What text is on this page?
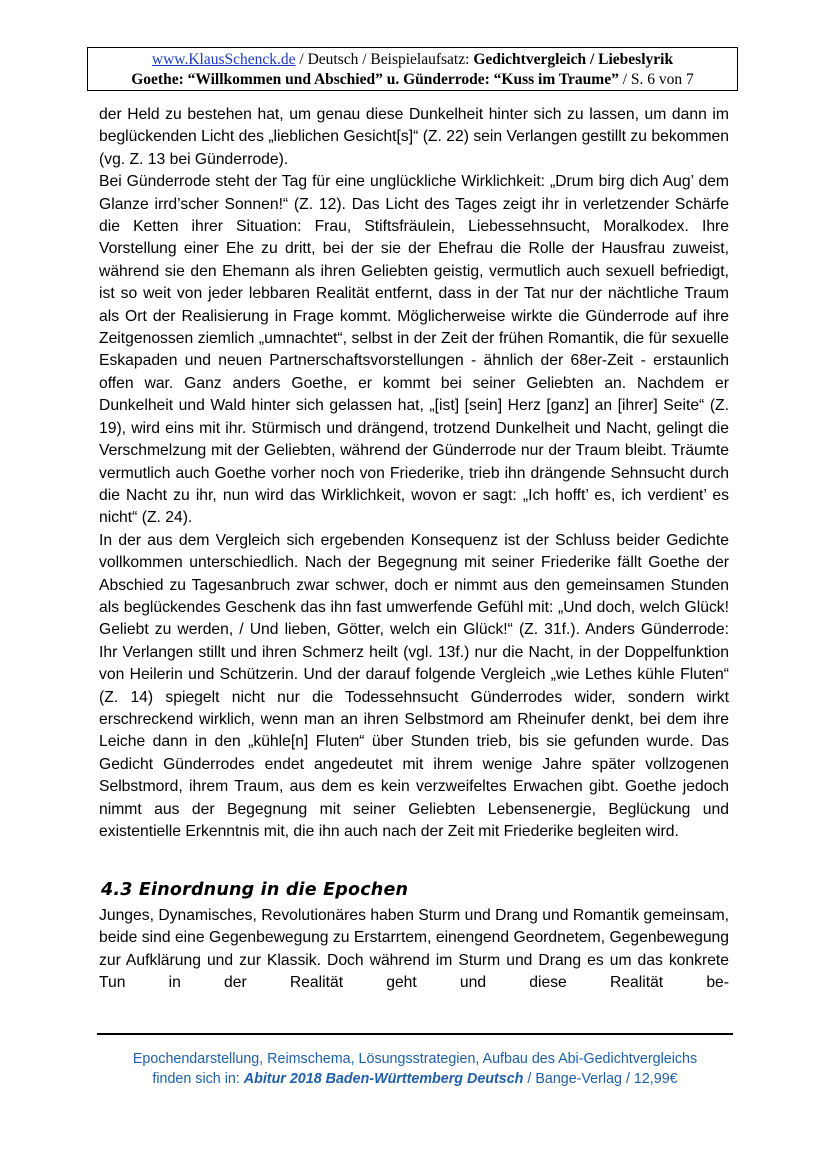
www.KlausSchenck.de / Deutsch / Beispielaufsatz: Gedichtvergleich / Liebeslyrik
Goethe: “Willkommen und Abschied” u. Günderrode: “Kuss im Traume” / S. 6 von 7

der Held zu bestehen hat, um genau diese Dunkelheit hinter sich zu lassen, um dann im beglückenden Licht des „lieblichen Gesicht[s]“ (Z. 22) sein Verlangen gestillt zu bekommen (vg. Z. 13 bei Günderrode).

Bei Günderrode steht der Tag für eine unglückliche Wirklichkeit: „Drum birg dich Aug’ dem Glanze irrd’scher Sonnen!“ (Z. 12). Das Licht des Tages zeigt ihr in verletzender Schärfe die Ketten ihrer Situation: Frau, Stiftsfräulein, Liebessehnsucht, Moralkodex. Ihre Vorstellung einer Ehe zu dritt, bei der sie der Ehefrau die Rolle der Hausfrau zuweist, während sie den Ehemann als ihren Geliebten geistig, vermutlich auch sexuell befriedigt, ist so weit von jeder lebbaren Realität entfernt, dass in der Tat nur der nächtliche Traum als Ort der Realisierung in Frage kommt. Möglicherweise wirkte die Günderrode auf ihre Zeitgenossen ziemlich „umnachtet“, selbst in der Zeit der frühen Romantik, die für sexuelle Eskapaden und neuen Partnerschaftsvorstellungen - ähnlich der 68er-Zeit - erstaunlich offen war. Ganz anders Goethe, er kommt bei seiner Geliebten an. Nachdem er Dunkelheit und Wald hinter sich gelassen hat, „[ist] [sein] Herz [ganz] an [ihrer] Seite“ (Z. 19), wird eins mit ihr. Stürmisch und drängend, trotzend Dunkelheit und Nacht, gelingt die Verschmelzung mit der Geliebten, während der Günderrode nur der Traum bleibt. Träumte vermutlich auch Goethe vorher noch von Friederike, trieb ihn drängende Sehnsucht durch die Nacht zu ihr, nun wird das Wirklichkeit, wovon er sagt: „Ich hofft’ es, ich verdient’ es nicht“ (Z. 24).

In der aus dem Vergleich sich ergebenden Konsequenz ist der Schluss beider Gedichte vollkommen unterschiedlich. Nach der Begegnung mit seiner Friederike fällt Goethe der Abschied zu Tagesanbruch zwar schwer, doch er nimmt aus den gemeinsamen Stunden als beglückendes Geschenk das ihn fast umwerfende Gefühl mit: „Und doch, welch Glück! Geliebt zu werden, / Und lieben, Götter, welch ein Glück!“ (Z. 31f.). Anders Günderrode: Ihr Verlangen stillt und ihren Schmerz heilt (vgl. 13f.) nur die Nacht, in der Doppelfunktion von Heilerin und Schützerin. Und der darauf folgende Vergleich „wie Lethes kühle Fluten“ (Z. 14) spiegelt nicht nur die Todessehnsucht Günderrodes wider, sondern wirkt erschreckend wirklich, wenn man an ihren Selbstmord am Rheinufer denkt, bei dem ihre Leiche dann in den „kühle[n] Fluten“ über Stunden trieb, bis sie gefunden wurde. Das Gedicht Günderrodes endet angedeutet mit ihrem wenige Jahre später vollzogenen Selbstmord, ihrem Traum, aus dem es kein verzweifeltes Erwachen gibt. Goethe jedoch nimmt aus der Begegnung mit seiner Geliebten Lebensenergie, Beglückung und existentielle Erkenntnis mit, die ihn auch nach der Zeit mit Friederike begleiten wird.

4.3 Einordnung in die Epochen

Junges, Dynamisches, Revolutionäres haben Sturm und Drang und Romantik gemeinsam, beide sind eine Gegenbewegung zu Erstarrtem, einengend Geordnetem, Gegenbewegung zur Aufklärung und zur Klassik. Doch während im Sturm und Drang es um das konkrete Tun in der Realität geht und diese Realität be-

Epochendarstellung, Reimschema, Lösungsstrategien, Aufbau des Abi-Gedichtvergleichs
finden sich in: Abitur 2018 Baden-Württemberg Deutsch / Bange-Verlag / 12,99€
